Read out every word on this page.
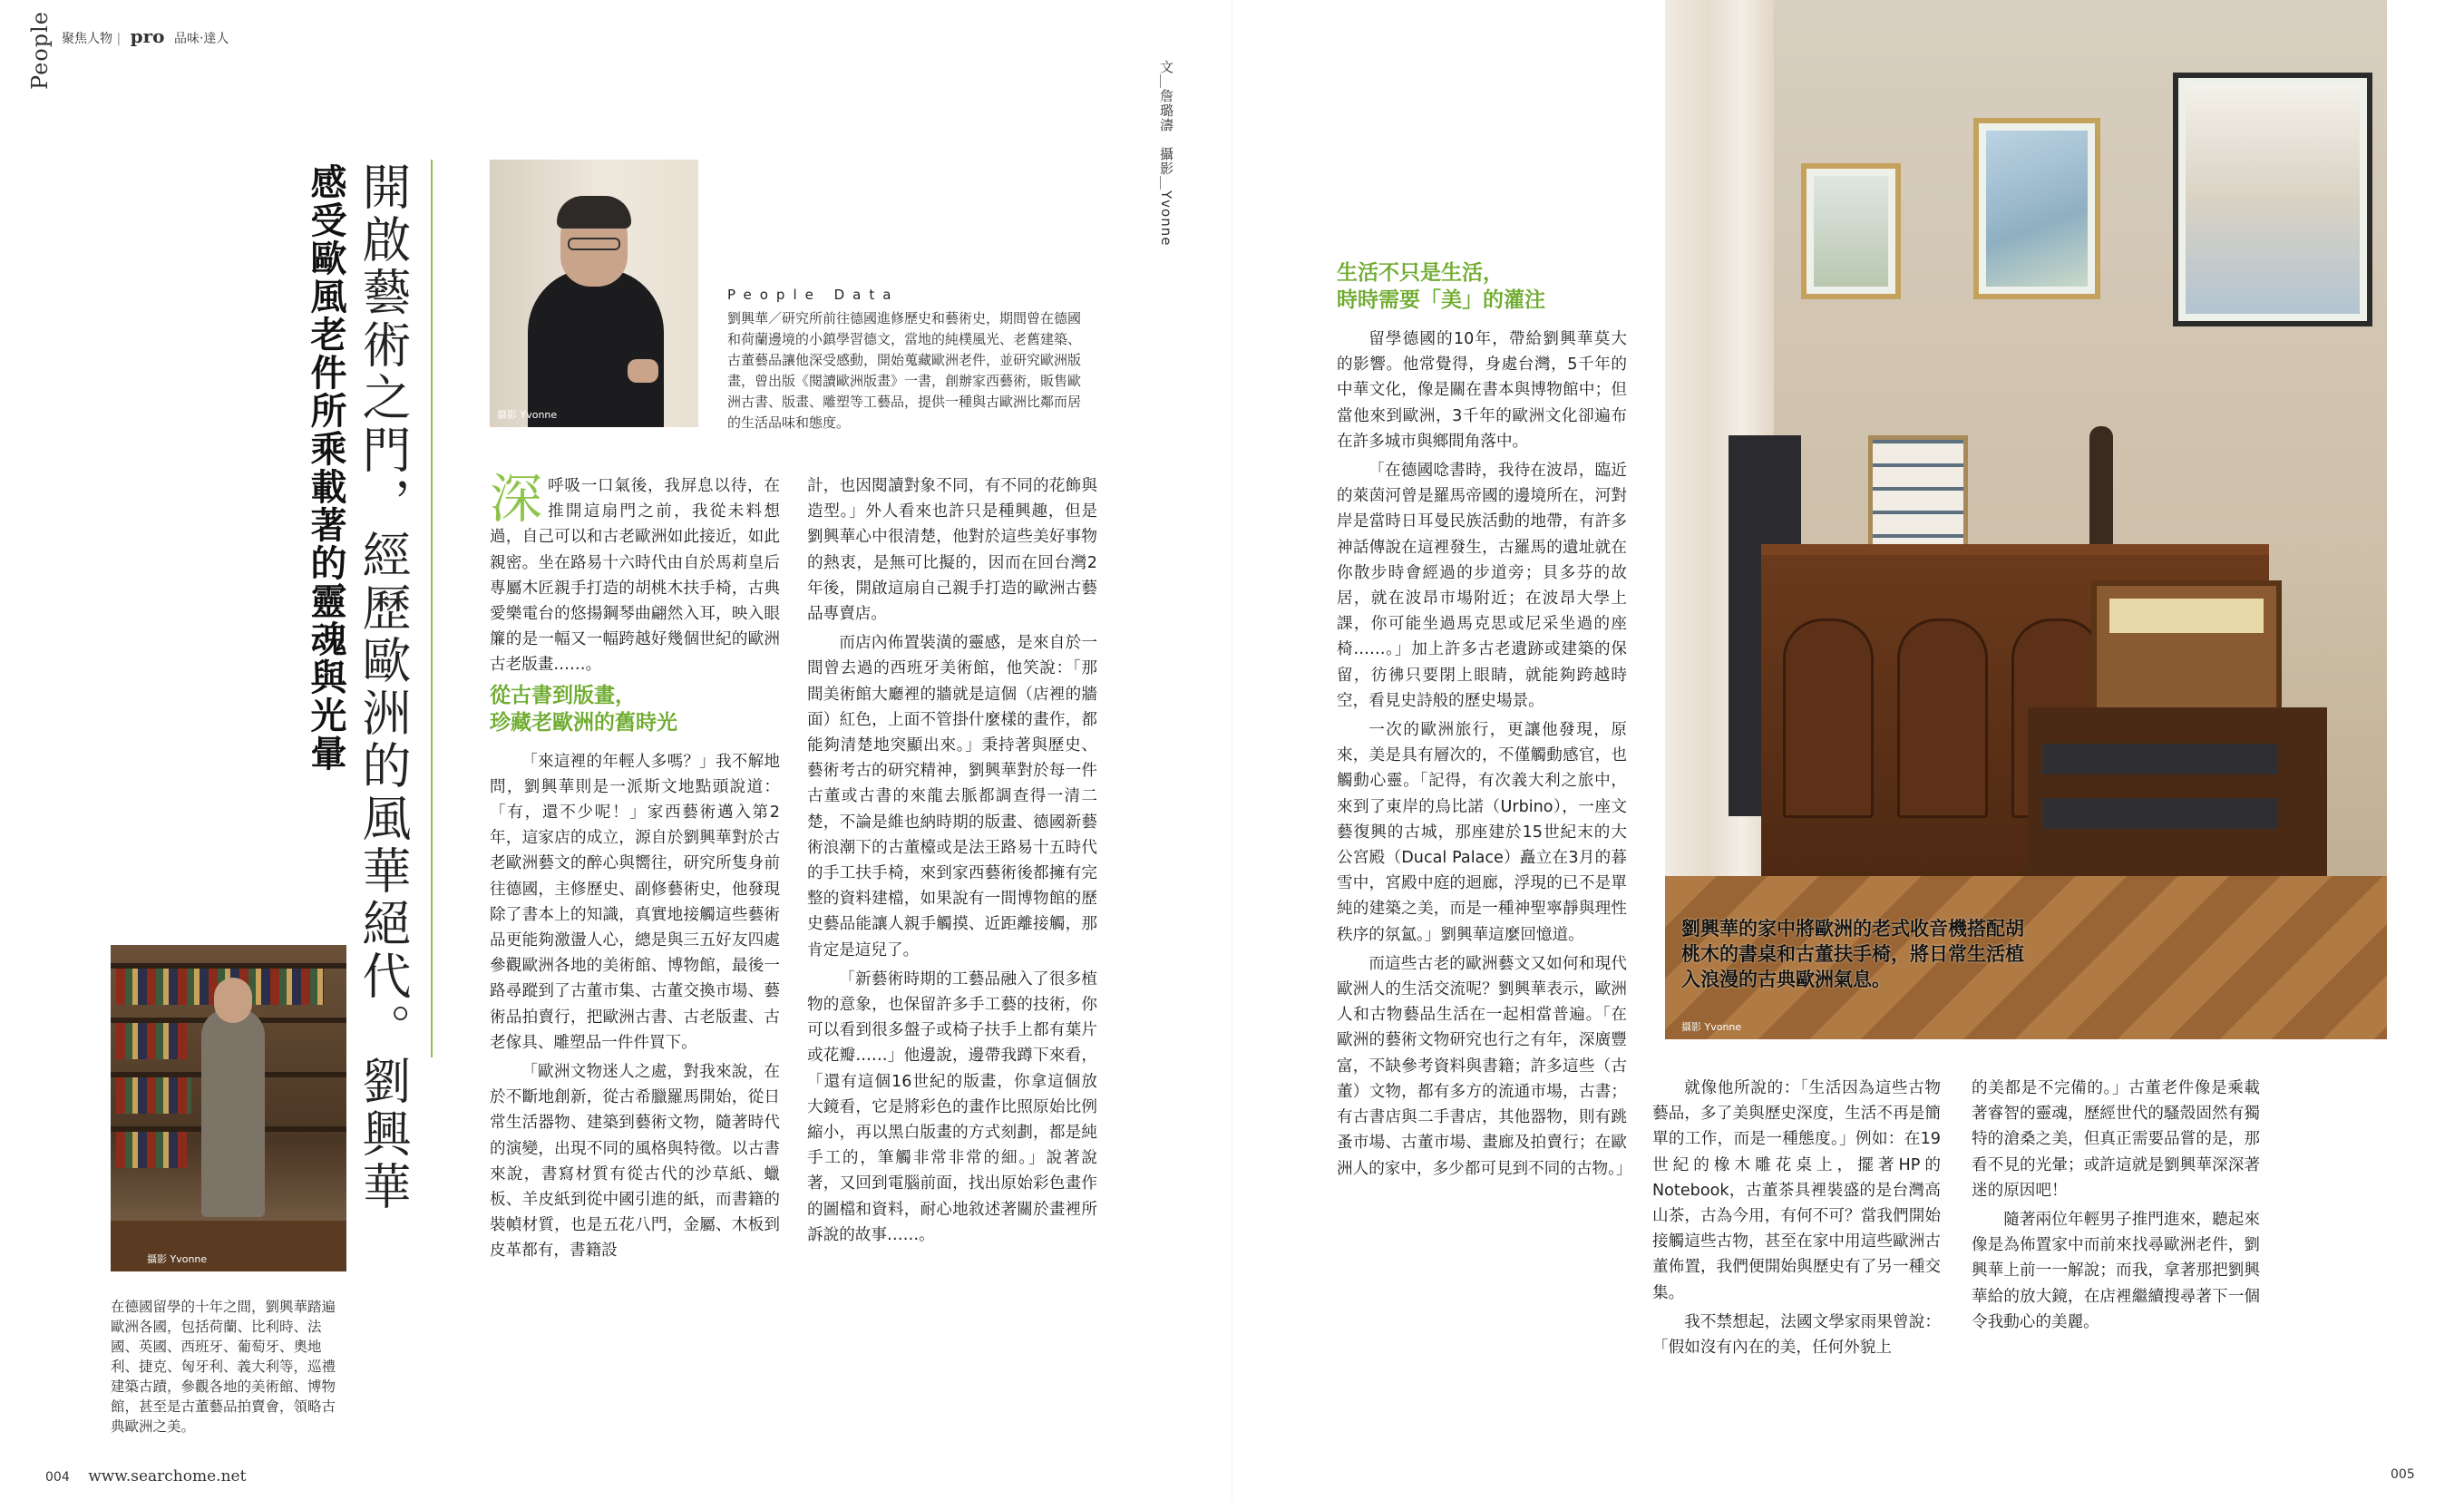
People 聚焦人物 | pro 品味‧達人
開啟藝術之門，經歷歐洲的風華絕代。劉興華
感受歐風老件所乘載著的靈魂與光暈	攝影 Yvonne
People Data
劉興華／研究所前往德國進修歷史和藝術史，期間曾在德國和荷蘭邊境的小鎮學習德文，當地的純樸風光、老舊建築、古董藝品讓他深受感動，開始蒐藏歐洲老件，並研究歐洲版畫，曾出版《閱讀歐洲版畫》一書，創辦家西藝術，販售歐洲古書、版畫、雕塑等工藝品，提供一種與古歐洲比鄰而居的生活品味和態度。
文＿詹璐濤　攝影＿Yvonne
攝影 Yvonne
在德國留學的十年之間，劉興華踏遍歐洲各國，包括荷蘭、比利時、法國、英國、西班牙、葡萄牙、奧地利、捷克、匈牙利、義大利等，巡禮建築古蹟，參觀各地的美術館、博物館，甚至是古董藝品拍賣會，領略古典歐洲之美。

深呼吸一口氣後，我屏息以待，在推開這扇門之前，我從未料想過，自己可以和古老歐洲如此接近，如此親密。坐在路易十六時代由自於馬莉皇后專屬木匠親手打造的胡桃木扶手椅，古典愛樂電台的悠揚鋼琴曲翩然入耳，映入眼簾的是一幅又一幅跨越好幾個世紀的歐洲古老版畫……。

從古書到版畫，
珍藏老歐洲的舊時光

「來這裡的年輕人多嗎？」我不解地問，劉興華則是一派斯文地點頭說道：「有，還不少呢！」家西藝術邁入第2年，這家店的成立，源自於劉興華對於古老歐洲藝文的醉心與嚮往，研究所隻身前往德國，主修歷史、副修藝術史，他發現除了書本上的知識，真實地接觸這些藝術品更能夠激盪人心，總是與三五好友四處參觀歐洲各地的美術館、博物館，最後一路尋蹤到了古董市集、古董交換市場、藝術品拍賣行，把歐洲古書、古老版畫、古老傢具、雕塑品一件件買下。

「歐洲文物迷人之處，對我來說，在於不斷地創新，從古希臘羅馬開始，從日常生活器物、建築到藝術文物，隨著時代的演變，出現不同的風格與特徵。以古書來說，書寫材質有從古代的沙草紙、蠟板、羊皮紙到從中國引進的紙，而書籍的裝幀材質，也是五花八門，金屬、木板到皮革都有，書籍設

計，也因閱讀對象不同，有不同的花飾與造型。」外人看來也許只是種興趣，但是劉興華心中很清楚，他對於這些美好事物的熱衷，是無可比擬的，因而在回台灣2年後，開啟這扇自己親手打造的歐洲古藝品專賣店。

而店內佈置裝潢的靈感，是來自於一間曾去過的西班牙美術館，他笑說：「那間美術館大廳裡的牆就是這個（店裡的牆面）紅色，上面不管掛什麼樣的畫作，都能夠清楚地突顯出來。」秉持著與歷史、藝術考古的研究精神，劉興華對於每一件古董或古書的來龍去脈都調查得一清二楚，不論是維也納時期的版畫、德國新藝術浪潮下的古董檯或是法王路易十五時代的手工扶手椅，來到家西藝術後都擁有完整的資料建檔，如果說有一間博物館的歷史藝品能讓人親手觸摸、近距離接觸，那肯定是這兒了。

「新藝術時期的工藝品融入了很多植物的意象，也保留許多手工藝的技術，你可以看到很多盤子或椅子扶手上都有葉片或花瓣……」他邊說，邊帶我蹲下來看，「還有這個16世紀的版畫，你拿這個放大鏡看，它是將彩色的畫作比照原始比例縮小，再以黑白版畫的方式刻劃，都是純手工的，筆觸非常非常的細。」說著說著，又回到電腦前面，找出原始彩色畫作的圖檔和資料，耐心地敘述著關於畫裡所訴說的故事……。

生活不只是生活，
時時需要「美」的灌注

留學德國的10年，帶給劉興華莫大的影響。他常覺得，身處台灣，5千年的中華文化，像是關在書本與博物館中；但當他來到歐洲，3千年的歐洲文化卻遍布在許多城市與鄉間角落中。

「在德國唸書時，我待在波昂，臨近的萊茵河曾是羅馬帝國的邊境所在，河對岸是當時日耳曼民族活動的地帶，有許多神話傳說在這裡發生，古羅馬的遺址就在你散步時會經過的步道旁；貝多芬的故居，就在波昂市場附近；在波昂大學上課，你可能坐過馬克思或尼采坐過的座椅……。」加上許多古老遺跡或建築的保留，彷彿只要閉上眼睛，就能夠跨越時空，看見史詩般的歷史場景。

一次的歐洲旅行，更讓他發現，原來，美是具有層次的，不僅觸動感官，也觸動心靈。「記得，有次義大利之旅中，來到了東岸的烏比諾（Urbino），一座文藝復興的古城，那座建於15世紀末的大公宮殿（Ducal Palace）矗立在3月的暮雪中，宮殿中庭的迴廊，浮現的已不是單純的建築之美，而是一種神聖寧靜與理性秩序的氛氳。」劉興華這麼回憶道。

而這些古老的歐洲藝文又如何和現代歐洲人的生活交流呢？劉興華表示，歐洲人和古物藝品生活在一起相當普遍。「在歐洲的藝術文物研究也行之有年，深廣豐富，不缺參考資料與書籍；許多這些（古董）文物，都有多方的流通市場，古書；有古書店與二手書店，其他器物，則有跳蚤市場、古董市場、畫廊及拍賣行；在歐洲人的家中，多少都可見到不同的古物。」

攝影 Yvonne
劉興華的家中將歐洲的老式收音機搭配胡桃木的書桌和古董扶手椅，將日常生活植入浪漫的古典歐洲氣息。

就像他所說的：「生活因為這些古物藝品，多了美與歷史深度，生活不再是簡單的工作，而是一種態度。」例如：在19世紀的橡木雕花桌上，擺著HP的Notebook，古董茶具裡裝盛的是台灣高山茶，古為今用，有何不可？當我們開始接觸這些古物，甚至在家中用這些歐洲古董佈置，我們便開始與歷史有了另一種交集。

我不禁想起，法國文學家雨果曾說：「假如沒有內在的美，任何外貌上

的美都是不完備的。」古董老件像是乘載著睿智的靈魂，歷經世代的騷殼固然有獨特的滄桑之美，但真正需要品嘗的是，那看不見的光暈；或許這就是劉興華深深著迷的原因吧！

隨著兩位年輕男子推門進來，聽起來像是為佈置家中而前來找尋歐洲老件，劉興華上前一一解說；而我，拿著那把劉興華給的放大鏡，在店裡繼續搜尋著下一個令我動心的美麗。

004 www.searchome.net	005
